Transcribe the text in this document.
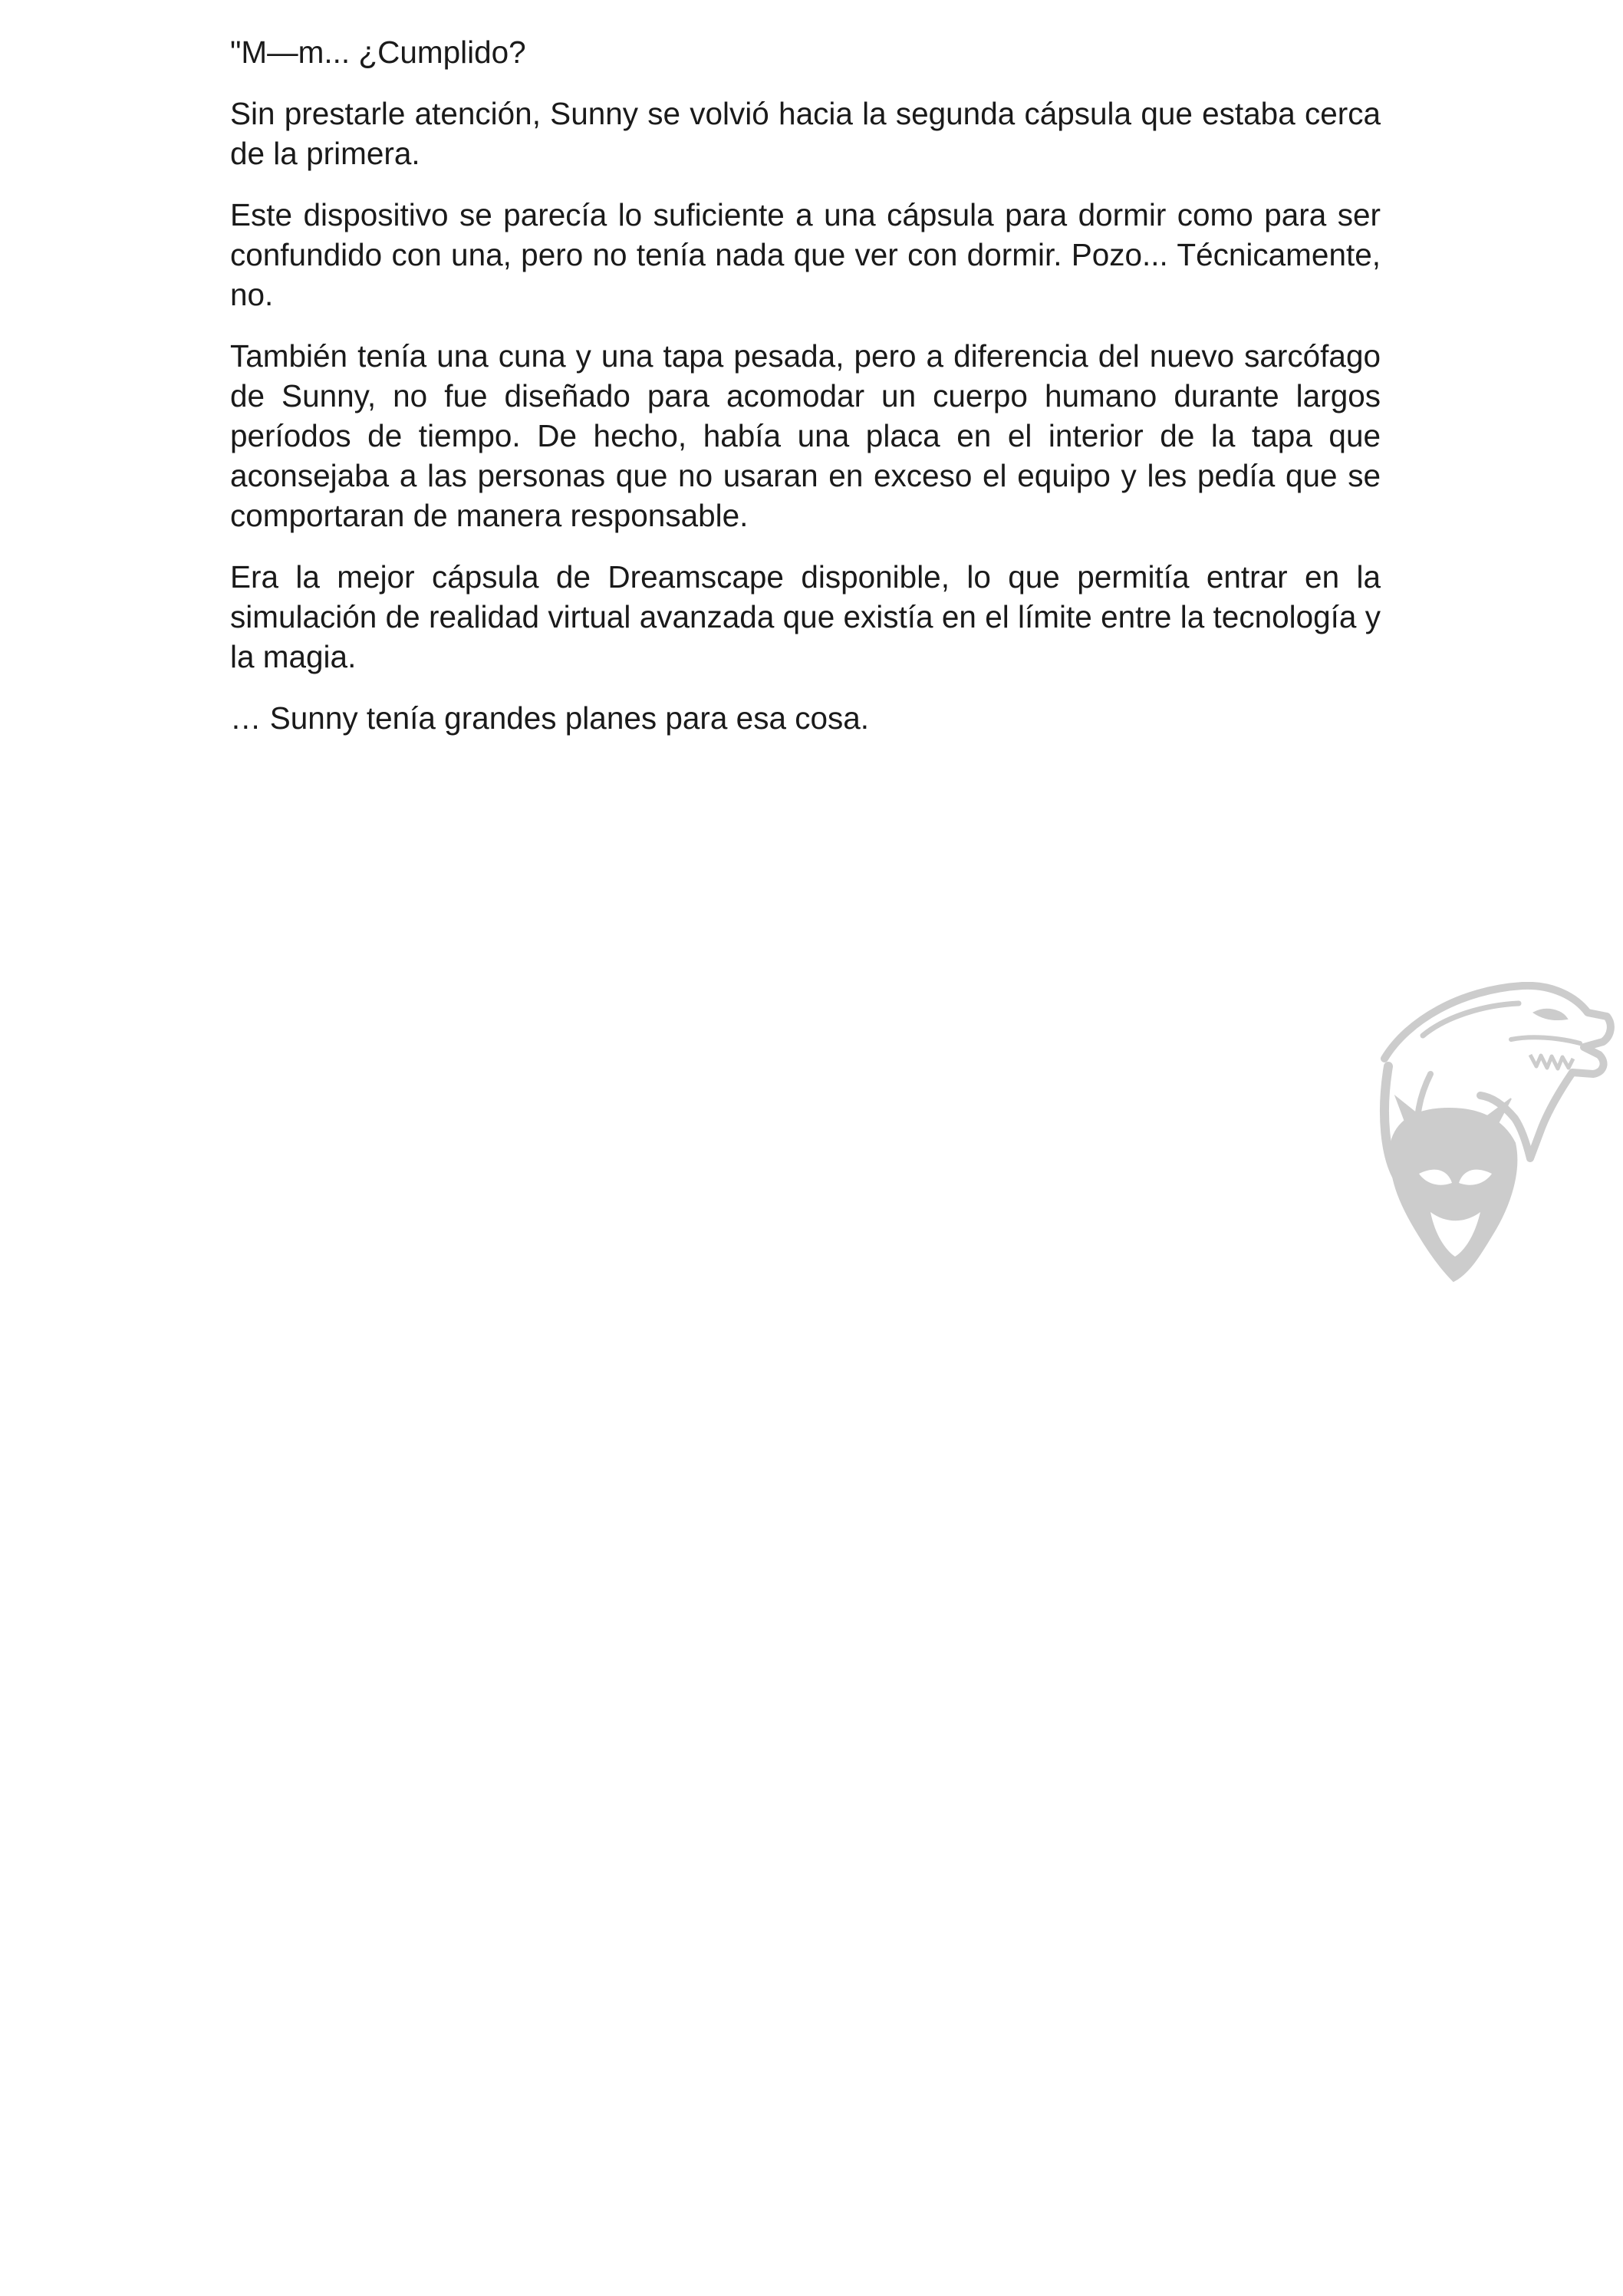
"M—m... ¿Cumplido?

Sin prestarle atención, Sunny se volvió hacia la segunda cápsula que estaba cerca de la primera.

Este dispositivo se parecía lo suficiente a una cápsula para dormir como para ser confundido con una, pero no tenía nada que ver con dormir. Pozo... Técnicamente, no.

También tenía una cuna y una tapa pesada, pero a diferencia del nuevo sarcófago de Sunny, no fue diseñado para acomodar un cuerpo humano durante largos períodos de tiempo. De hecho, había una placa en el interior de la tapa que aconsejaba a las personas que no usaran en exceso el equipo y les pedía que se comportaran de manera responsable.

Era la mejor cápsula de Dreamscape disponible, lo que permitía entrar en la simulación de realidad virtual avanzada que existía en el límite entre la tecnología y la magia.

… Sunny tenía grandes planes para esa cosa.
